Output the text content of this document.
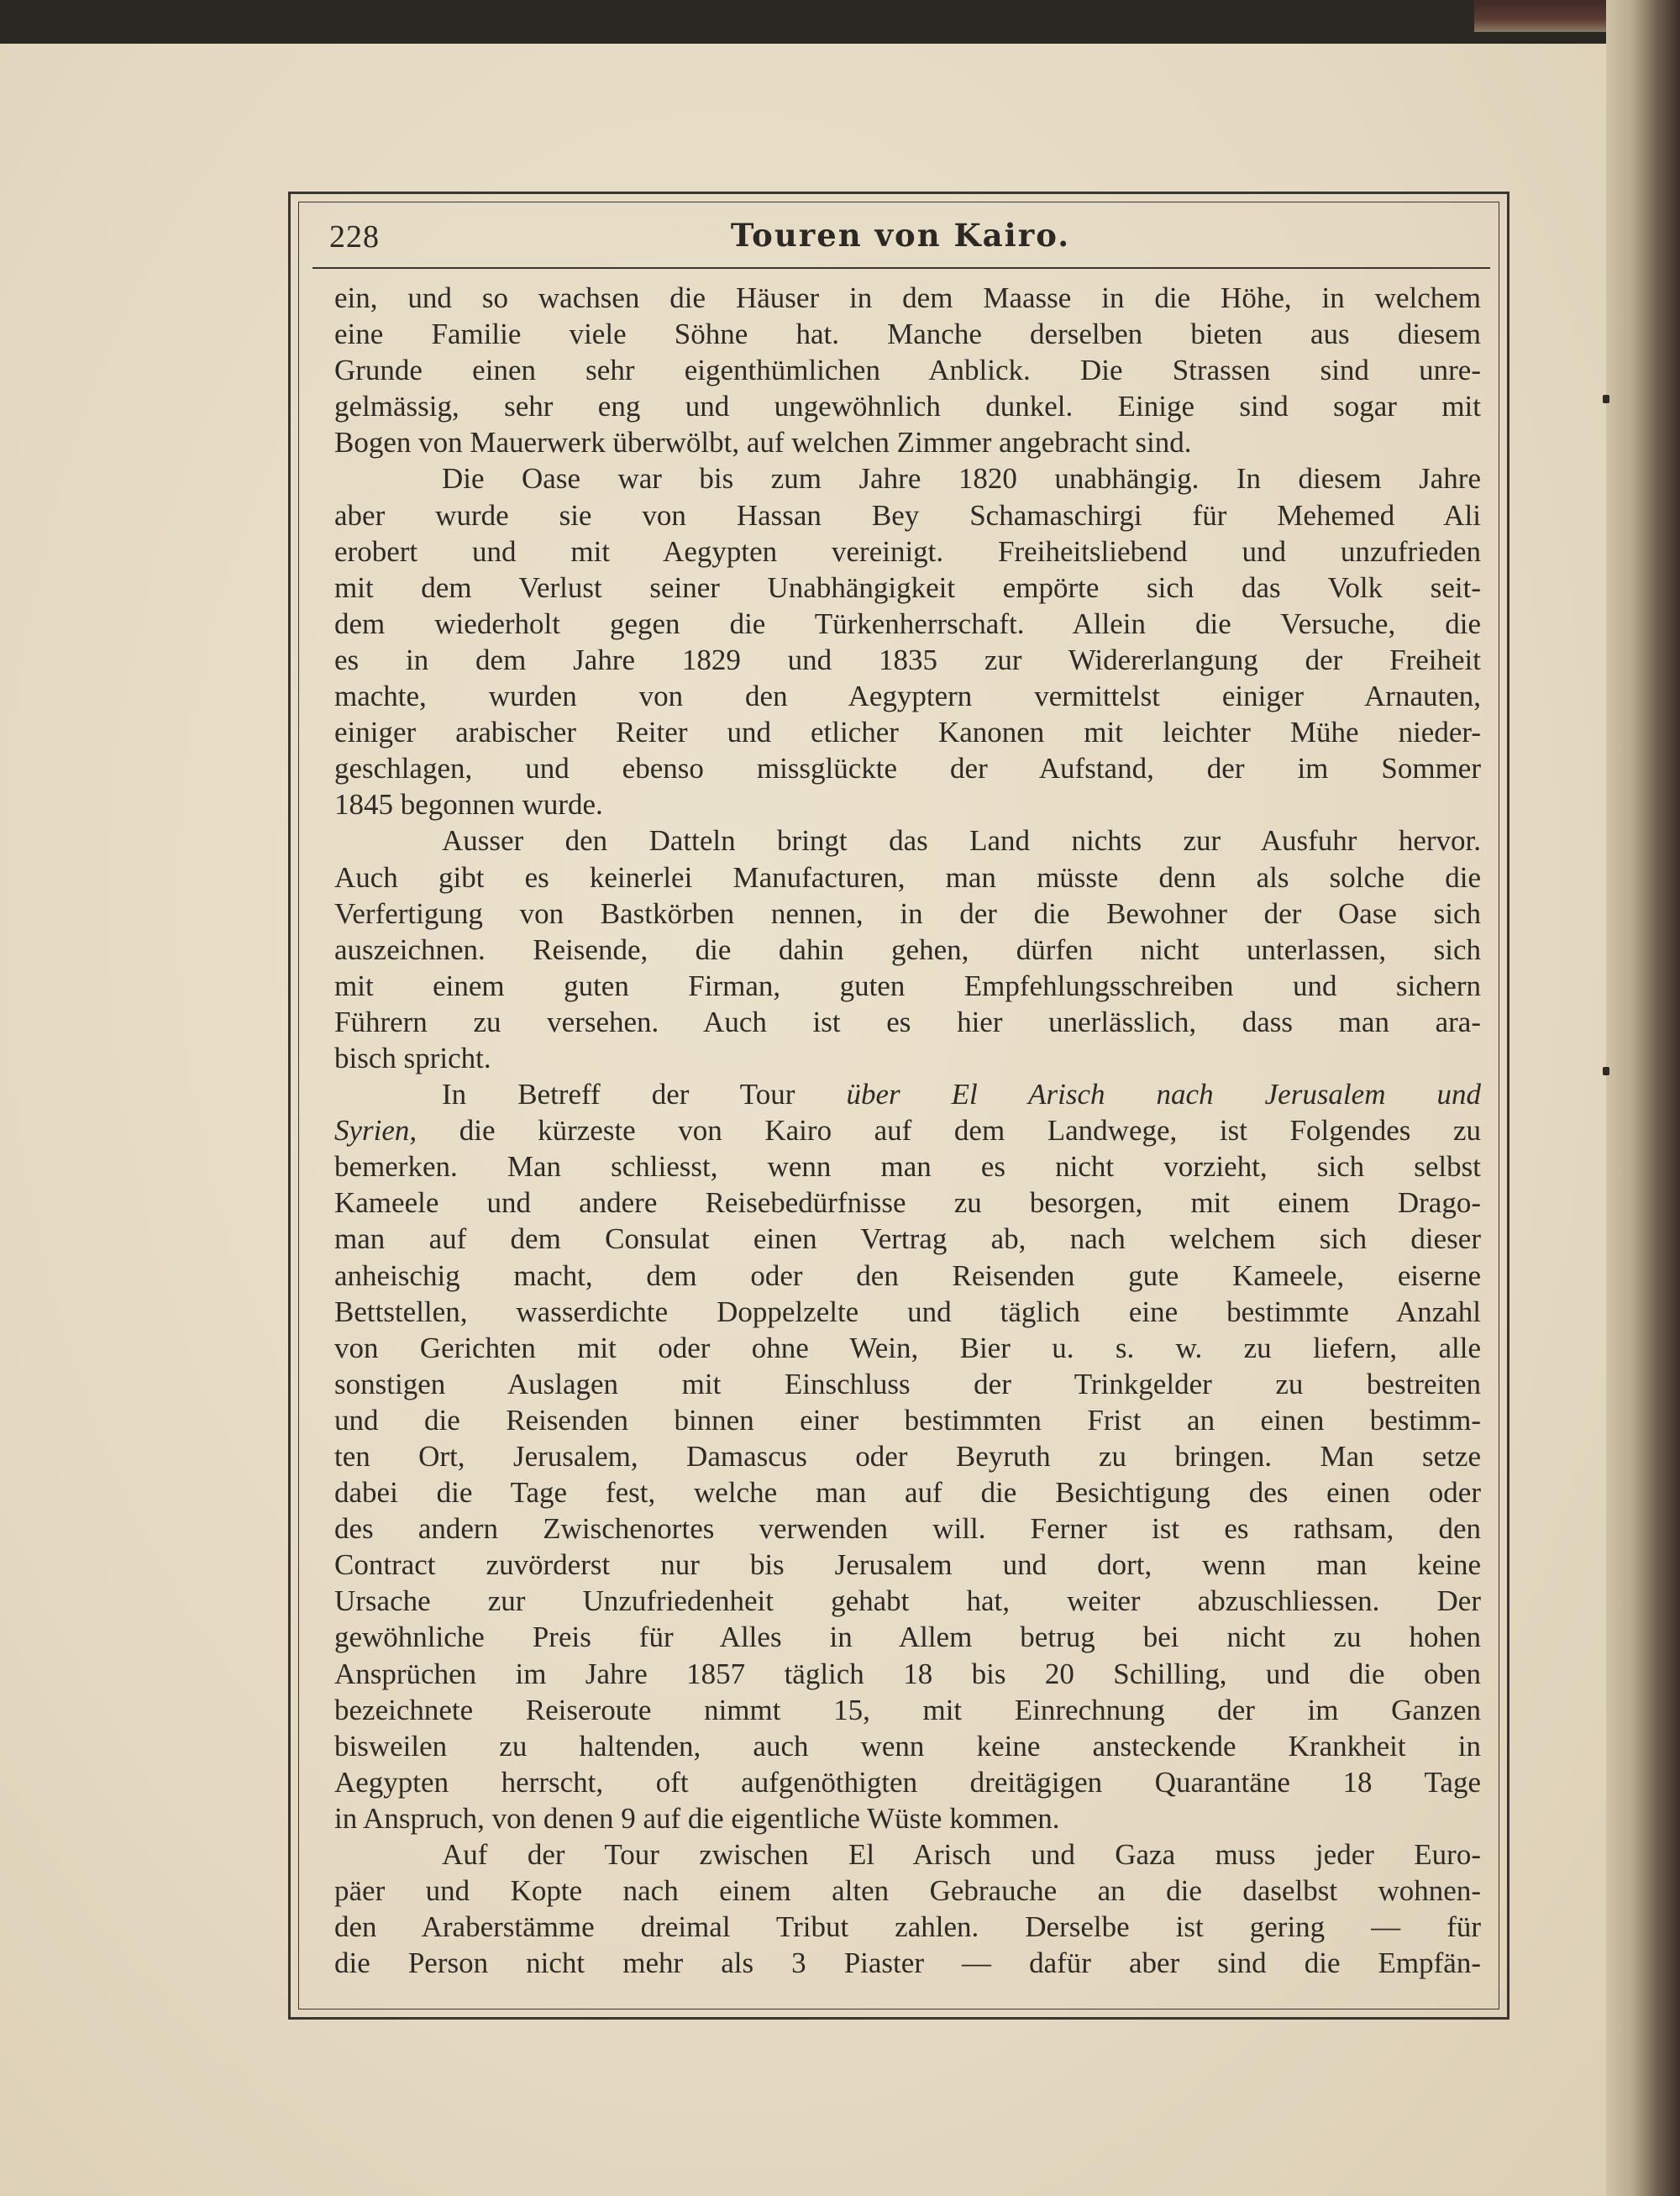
228	Touren von Kairo.
ein, und so wachsen die Häuser in dem Maasse in die Höhe, in welchem
eine Familie viele Söhne hat. Manche derselben bieten aus diesem
Grunde einen sehr eigenthümlichen Anblick. Die Strassen sind unre-
gelmässig, sehr eng und ungewöhnlich dunkel. Einige sind sogar mit
Bogen von Mauerwerk überwölbt, auf welchen Zimmer angebracht sind.
Die Oase war bis zum Jahre 1820 unabhängig. In diesem Jahre
aber wurde sie von Hassan Bey Schamaschirgi für Mehemed Ali
erobert und mit Aegypten vereinigt. Freiheitsliebend und unzufrieden
mit dem Verlust seiner Unabhängigkeit empörte sich das Volk seit-
dem wiederholt gegen die Türkenherrschaft. Allein die Versuche, die
es in dem Jahre 1829 und 1835 zur Widererlangung der Freiheit
machte, wurden von den Aegyptern vermittelst einiger Arnauten,
einiger arabischer Reiter und etlicher Kanonen mit leichter Mühe nieder-
geschlagen, und ebenso missglückte der Aufstand, der im Sommer
1845 begonnen wurde.
Ausser den Datteln bringt das Land nichts zur Ausfuhr hervor.
Auch gibt es keinerlei Manufacturen, man müsste denn als solche die
Verfertigung von Bastkörben nennen, in der die Bewohner der Oase sich
auszeichnen. Reisende, die dahin gehen, dürfen nicht unterlassen, sich
mit einem guten Firman, guten Empfehlungsschreiben und sichern
Führern zu versehen. Auch ist es hier unerlässlich, dass man ara-
bisch spricht.
In Betreff der Tour über El Arisch nach Jerusalem und
Syrien, die kürzeste von Kairo auf dem Landwege, ist Folgendes zu
bemerken. Man schliesst, wenn man es nicht vorzieht, sich selbst
Kameele und andere Reisebedürfnisse zu besorgen, mit einem Drago-
man auf dem Consulat einen Vertrag ab, nach welchem sich dieser
anheischig macht, dem oder den Reisenden gute Kameele, eiserne
Bettstellen, wasserdichte Doppelzelte und täglich eine bestimmte Anzahl
von Gerichten mit oder ohne Wein, Bier u. s. w. zu liefern, alle
sonstigen Auslagen mit Einschluss der Trinkgelder zu bestreiten
und die Reisenden binnen einer bestimmten Frist an einen bestimm-
ten Ort, Jerusalem, Damascus oder Beyruth zu bringen. Man setze
dabei die Tage fest, welche man auf die Besichtigung des einen oder
des andern Zwischenortes verwenden will. Ferner ist es rathsam, den
Contract zuvörderst nur bis Jerusalem und dort, wenn man keine
Ursache zur Unzufriedenheit gehabt hat, weiter abzuschliessen. Der
gewöhnliche Preis für Alles in Allem betrug bei nicht zu hohen
Ansprüchen im Jahre 1857 täglich 18 bis 20 Schilling, und die oben
bezeichnete Reiseroute nimmt 15, mit Einrechnung der im Ganzen
bisweilen zu haltenden, auch wenn keine ansteckende Krankheit in
Aegypten herrscht, oft aufgenöthigten dreitägigen Quarantäne 18 Tage
in Anspruch, von denen 9 auf die eigentliche Wüste kommen.
Auf der Tour zwischen El Arisch und Gaza muss jeder Euro-
päer und Kopte nach einem alten Gebrauche an die daselbst wohnen-
den Araberstämme dreimal Tribut zahlen. Derselbe ist gering — für
die Person nicht mehr als 3 Piaster — dafür aber sind die Empfän-
